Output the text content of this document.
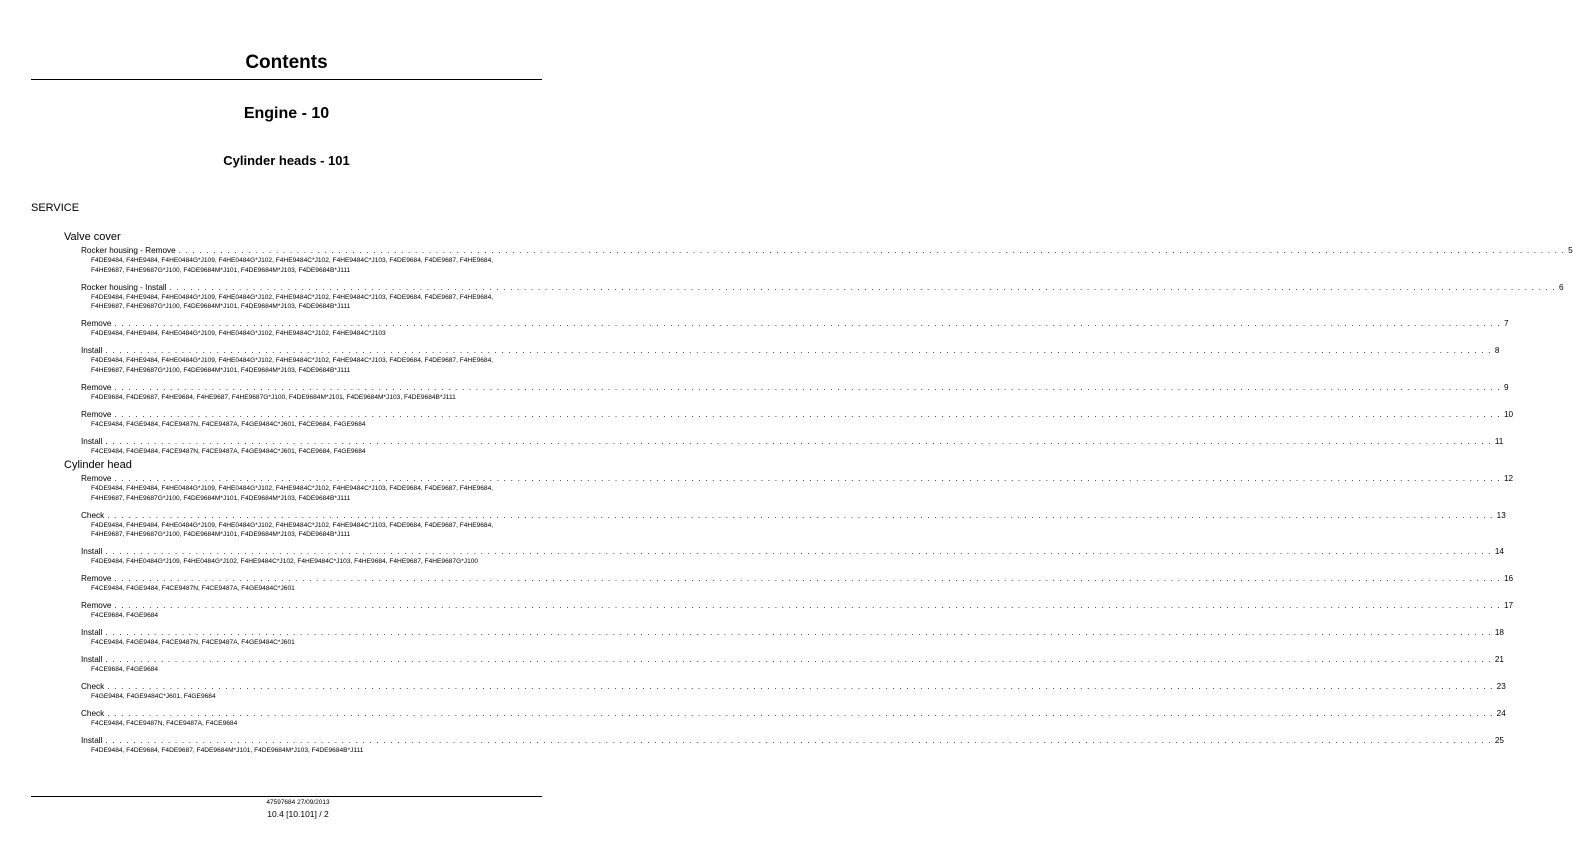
Contents
Engine - 10
Cylinder heads - 101
SERVICE
Valve cover
Rocker housing - Remove . . . . . . . . . . . . . . . . . . . . . . . . . . . . . . . . . . . . . . . . . . . . . . . . . . . . . . . . . . . . . . . . . . . . . . . . . . . . . . . . . . . . . . . . . . . . . . . . . . . . . . . . . . . . . . . . . . . . . . . . . . . . . . . . . . . . . . . . . . . . . . . . . . . . . . . . . . . . . . . . . . . . . . . . . . . . . . . . . . . . . . . . . . . . . . . . . . . . . . . . 5
F4DE9484, F4HE9484, F4HE0484G*J109, F4HE0484G*J102, F4HE9484C*J102, F4HE9484C*J103, F4DE9684, F4DE9687, F4HE9684, F4HE9687, F4HE9687G*J100, F4DE9684M*J101, F4DE9684M*J103, F4DE9684B*J111
Rocker housing - Install . . . . . . . . . . . . . . . . . . . . . . . . . . . . . . . . . . . . . . . . . . . . . . . . . . . . . . . . . . . . . . . . . . . . . . . . . . . . . . . . . . . . . . . . . . . . . . . . . . . . . . . . . . . . . . . . . . . . . . . . . . . . . . . . . . . . . . . . . . . . . . . . . . . . . . . . . . . . . . . . . . . . . . . . . . . . . . . . . . . . . . . . . . . . . . . . . . . . . . . . 6
F4DE9484, F4HE9484, F4HE0484G*J109, F4HE0484G*J102, F4HE9484C*J102, F4HE9484C*J103, F4DE9684, F4DE9687, F4HE9684, F4HE9687, F4HE9687G*J100, F4DE9684M*J101, F4DE9684M*J103, F4DE9684B*J111
Remove . . . . . . . . . . . . . . . . . . . . . . . . . . . . . . . . . . . . . . . . . . . . . . . . . . . . . . . . . . . . . . . . . . . . . . . . . . . . . . . . . . . . . . . . . . . . . . . . . . . . . . . . . . . . . . . . . . . . . . . . . . . . . . . . . . . . . . . . . . . . . . . . . . . . . . . . . . . . . . . . . . . . . . . . . . . . . . . . . . . . . . . . . . . . . . . . . . . . . . . . 7
F4DE9484, F4HE9484, F4HE0484G*J109, F4HE0484G*J102, F4HE9484C*J102, F4HE9484C*J103
Install . . . . . . . . . . . . . . . . . . . . . . . . . . . . . . . . . . . . . . . . . . . . . . . . . . . . . . . . . . . . . . . . . . . . . . . . . . . . . . . . . . . . . . . . . . . . . . . . . . . . . . . . . . . . . . . . . . . . . . . . . . . . . . . . . . . . . . . . . . . . . . . . . . . . . . . . . . . . . . . . . . . . . . . . . . . . . . . . . . . . . . . . . . . . . . . . . . . . . . . . 8
F4DE9484, F4HE9484, F4HE0484G*J109, F4HE0484G*J102, F4HE9484C*J102, F4HE9484C*J103, F4DE9684, F4DE9687, F4HE9684, F4HE9687, F4HE9687G*J100, F4DE9684M*J101, F4DE9684M*J103, F4DE9684B*J111
Remove . . . . . . . . . . . . . . . . . . . . . . . . . . . . . . . . . . . . . . . . . . . . . . . . . . . . . . . . . . . . . . . . . . . . . . . . . . . . . . . . . . . . . . . . . . . . . . . . . . . . . . . . . . . . . . . . . . . . . . . . . . . . . . . . . . . . . . . . . . . . . . . . . . . . . . . . . . . . . . . . . . . . . . . . . . . . . . . . . . . . . . . . . . . . . . . . . . . . . . . . 9
F4DE9684, F4DE9687, F4HE9684, F4HE9687, F4HE9687G*J100, F4DE9684M*J101, F4DE9684M*J103, F4DE9684B*J111
Remove . . . . . . . . . . . . . . . . . . . . . . . . . . . . . . . . . . . . . . . . . . . . . . . . . . . . . . . . . . . . . . . . . . . . . . . . . . . . . . . . . . . . . . . . . . . . . . . . . . . . . . . . . . . . . . . . . . . . . . . . . . . . . . . . . . . . . . . . . . . . . . . . . . . . . . . . . . . . . . . . . . . . . . . . . . . . . . . . . . . . . . . . . . . . . . . . . . . . . . . . 10
F4CE9484, F4GE9484, F4CE9487N, F4CE9487A, F4GE9484C*J601, F4CE9684, F4GE9684
Install . . . . . . . . . . . . . . . . . . . . . . . . . . . . . . . . . . . . . . . . . . . . . . . . . . . . . . . . . . . . . . . . . . . . . . . . . . . . . . . . . . . . . . . . . . . . . . . . . . . . . . . . . . . . . . . . . . . . . . . . . . . . . . . . . . . . . . . . . . . . . . . . . . . . . . . . . . . . . . . . . . . . . . . . . . . . . . . . . . . . . . . . . . . . . . . . . . . . . . . . 11
F4CE9484, F4GE9484, F4CE9487N, F4CE9487A, F4GE9484C*J601, F4CE9684, F4GE9684
Cylinder head
Remove . . . . . . . . . . . . . . . . . . . . . . . . . . . . . . . . . . . . . . . . . . . . . . . . . . . . . . . . . . . . . . . . . . . . . . . . . . . . . . . . . . . . . . . . . . . . . . . . . . . . . . . . . . . . . . . . . . . . . . . . . . . . . . . . . . . . . . . . . . . . . . . . . . . . . . . . . . . . . . . . . . . . . . . . . . . . . . . . . . . . . . . . . . . . . . . . . . . . . . . . 12
F4DE9484, F4HE9484, F4HE0484G*J109, F4HE0484G*J102, F4HE9484C*J102, F4HE9484C*J103, F4DE9684, F4DE9687, F4HE9684, F4HE9687, F4HE9687G*J100, F4DE9684M*J101, F4DE9684M*J103, F4DE9684B*J111
Check . . . . . . . . . . . . . . . . . . . . . . . . . . . . . . . . . . . . . . . . . . . . . . . . . . . . . . . . . . . . . . . . . . . . . . . . . . . . . . . . . . . . . . . . . . . . . . . . . . . . . . . . . . . . . . . . . . . . . . . . . . . . . . . . . . . . . . . . . . . . . . . . . . . . . . . . . . . . . . . . . . . . . . . . . . . . . . . . . . . . . . . . . . . . . . . . . . . . . . . . 13
F4DE9484, F4HE9484, F4HE0484G*J109, F4HE0484G*J102, F4HE9484C*J102, F4HE9484C*J103, F4DE9684, F4DE9687, F4HE9684, F4HE9687, F4HE9687G*J100, F4DE9684M*J101, F4DE9684M*J103, F4DE9684B*J111
Install . . . . . . . . . . . . . . . . . . . . . . . . . . . . . . . . . . . . . . . . . . . . . . . . . . . . . . . . . . . . . . . . . . . . . . . . . . . . . . . . . . . . . . . . . . . . . . . . . . . . . . . . . . . . . . . . . . . . . . . . . . . . . . . . . . . . . . . . . . . . . . . . . . . . . . . . . . . . . . . . . . . . . . . . . . . . . . . . . . . . . . . . . . . . . . . . . . . . . . . . 14
F4DE9484, F4HE0484G*J109, F4HE0484G*J102, F4HE9484C*J102, F4HE9484C*J103, F4HE9684, F4HE9687, F4HE9687G*J100
Remove . . . . . . . . . . . . . . . . . . . . . . . . . . . . . . . . . . . . . . . . . . . . . . . . . . . . . . . . . . . . . . . . . . . . . . . . . . . . . . . . . . . . . . . . . . . . . . . . . . . . . . . . . . . . . . . . . . . . . . . . . . . . . . . . . . . . . . . . . . . . . . . . . . . . . . . . . . . . . . . . . . . . . . . . . . . . . . . . . . . . . . . . . . . . . . . . . . . . . . . . 16
F4CE9484, F4GE9484, F4CE9487N, F4CE9487A, F4GE9484C*J601
Remove . . . . . . . . . . . . . . . . . . . . . . . . . . . . . . . . . . . . . . . . . . . . . . . . . . . . . . . . . . . . . . . . . . . . . . . . . . . . . . . . . . . . . . . . . . . . . . . . . . . . . . . . . . . . . . . . . . . . . . . . . . . . . . . . . . . . . . . . . . . . . . . . . . . . . . . . . . . . . . . . . . . . . . . . . . . . . . . . . . . . . . . . . . . . . . . . . . . . . . . . 17
F4CE9684, F4GE9684
Install . . . . . . . . . . . . . . . . . . . . . . . . . . . . . . . . . . . . . . . . . . . . . . . . . . . . . . . . . . . . . . . . . . . . . . . . . . . . . . . . . . . . . . . . . . . . . . . . . . . . . . . . . . . . . . . . . . . . . . . . . . . . . . . . . . . . . . . . . . . . . . . . . . . . . . . . . . . . . . . . . . . . . . . . . . . . . . . . . . . . . . . . . . . . . . . . . . . . . . . . 18
F4CE9484, F4GE9484, F4CE9487N, F4CE9487A, F4GE9484C*J601
Install . . . . . . . . . . . . . . . . . . . . . . . . . . . . . . . . . . . . . . . . . . . . . . . . . . . . . . . . . . . . . . . . . . . . . . . . . . . . . . . . . . . . . . . . . . . . . . . . . . . . . . . . . . . . . . . . . . . . . . . . . . . . . . . . . . . . . . . . . . . . . . . . . . . . . . . . . . . . . . . . . . . . . . . . . . . . . . . . . . . . . . . . . . . . . . . . . . . . . . . . 21
F4CE9684, F4GE9684
Check . . . . . . . . . . . . . . . . . . . . . . . . . . . . . . . . . . . . . . . . . . . . . . . . . . . . . . . . . . . . . . . . . . . . . . . . . . . . . . . . . . . . . . . . . . . . . . . . . . . . . . . . . . . . . . . . . . . . . . . . . . . . . . . . . . . . . . . . . . . . . . . . . . . . . . . . . . . . . . . . . . . . . . . . . . . . . . . . . . . . . . . . . . . . . . . . . . . . . . . . 23
F4GE9484, F4GE9484C*J601, F4GE9684
Check . . . . . . . . . . . . . . . . . . . . . . . . . . . . . . . . . . . . . . . . . . . . . . . . . . . . . . . . . . . . . . . . . . . . . . . . . . . . . . . . . . . . . . . . . . . . . . . . . . . . . . . . . . . . . . . . . . . . . . . . . . . . . . . . . . . . . . . . . . . . . . . . . . . . . . . . . . . . . . . . . . . . . . . . . . . . . . . . . . . . . . . . . . . . . . . . . . . . . . . . 24
F4CE9484, F4CE9487N, F4CE9487A, F4CE9684
Install . . . . . . . . . . . . . . . . . . . . . . . . . . . . . . . . . . . . . . . . . . . . . . . . . . . . . . . . . . . . . . . . . . . . . . . . . . . . . . . . . . . . . . . . . . . . . . . . . . . . . . . . . . . . . . . . . . . . . . . . . . . . . . . . . . . . . . . . . . . . . . . . . . . . . . . . . . . . . . . . . . . . . . . . . . . . . . . . . . . . . . . . . . . . . . . . . . . . . . . . 25
F4DE9484, F4DE9684, F4DE9687, F4DE9684M*J101, F4DE9684M*J103, F4DE9684B*J111
47597684 27/09/2013
10.4 [10.101] / 2
